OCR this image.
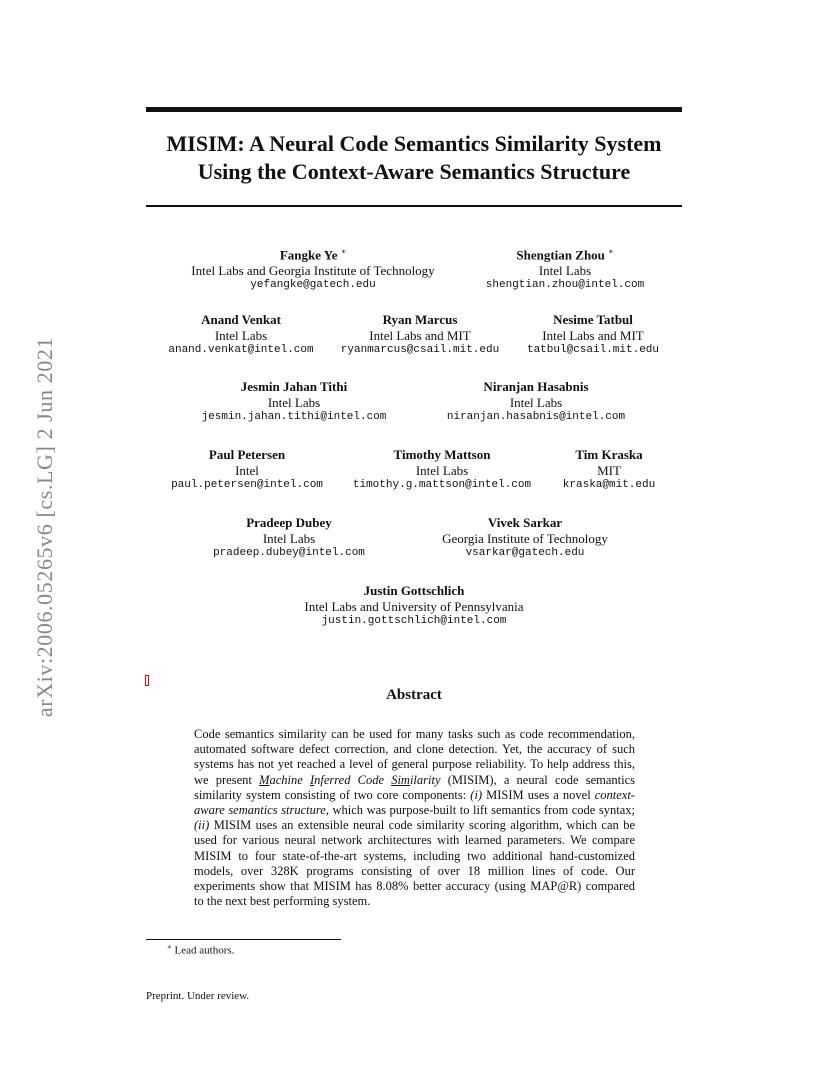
MISIM: A Neural Code Semantics Similarity System
Using the Context-Aware Semantics Structure
arXiv:2006.05265v6 [cs.LG] 2 Jun 2021
Fangke Ye ∗
Intel Labs and Georgia Institute of Technology
yefangke@gatech.edu
Shengtian Zhou ∗
Intel Labs
shengtian.zhou@intel.com
Anand Venkat
Intel Labs
anand.venkat@intel.com
Ryan Marcus
Intel Labs and MIT
ryanmarcus@csail.mit.edu
Nesime Tatbul
Intel Labs and MIT
tatbul@csail.mit.edu
Jesmin Jahan Tithi
Intel Labs
jesmin.jahan.tithi@intel.com
Niranjan Hasabnis
Intel Labs
niranjan.hasabnis@intel.com
Paul Petersen
Intel
paul.petersen@intel.com
Timothy Mattson
Intel Labs
timothy.g.mattson@intel.com
Tim Kraska
MIT
kraska@mit.edu
Pradeep Dubey
Intel Labs
pradeep.dubey@intel.com
Vivek Sarkar
Georgia Institute of Technology
vsarkar@gatech.edu
Justin Gottschlich
Intel Labs and University of Pennsylvania
justin.gottschlich@intel.com
Abstract
Code semantics similarity can be used for many tasks such as code recommendation, automated software defect correction, and clone detection. Yet, the accuracy of such systems has not yet reached a level of general purpose reliability. To help address this, we present Machine Inferred Code Similarity (MISIM), a neural code semantics similarity system consisting of two core components: (i) MISIM uses a novel context-aware semantics structure, which was purpose-built to lift semantics from code syntax; (ii) MISIM uses an extensible neural code similarity scoring algorithm, which can be used for various neural network architectures with learned parameters. We compare MISIM to four state-of-the-art systems, including two additional hand-customized models, over 328K programs consisting of over 18 million lines of code. Our experiments show that MISIM has 8.08% better accuracy (using MAP@R) compared to the next best performing system.
∗ Lead authors.
Preprint. Under review.
